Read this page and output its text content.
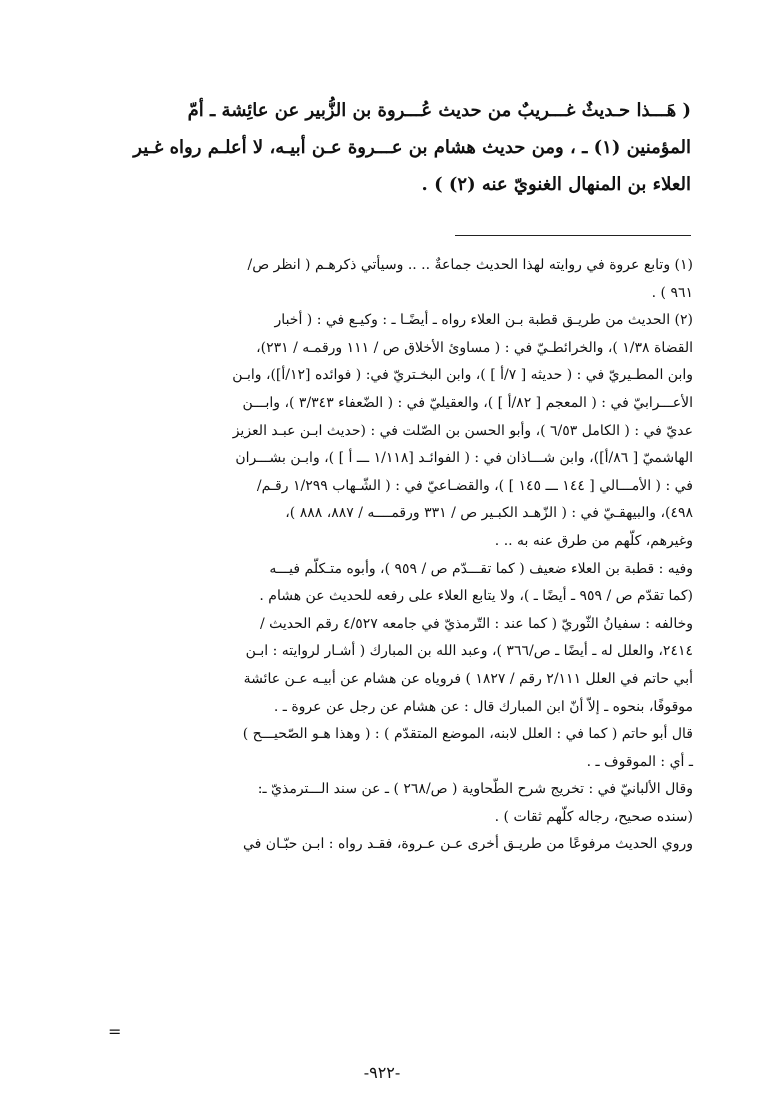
( هَـــذا حـديثٌ غـــريبٌ من حديث عُـــروة بن الزُّبير عن عائِشة ـ أمّ
المؤمنين (١) ـ ، ومن حديث هشام بن عـــروة عـن أبيـه، لا أعلـم رواه غـير
العلاء بن المنهال الغنويّ عنه (٢) ) .
(١) وتابع عروة في روايته لهذا الحديث جماعةٌ .. .. وسيأتي ذكرهـم ( انظر ص/
٩٦١ ) .
(٢) الحديث من طريـق قطبة بـن العلاء رواه ـ أيضًـا ـ : وكيـع في : ( أخبار
القضاة ١/٣٨ )، والخرائطـيّ في : ( مساوئ الأخلاق ص / ١١١ ورقمـه / ٢٣١)،
وابن المطـيريّ في : ( حديثه [ ٧/أ ] )، وابن البخـتريّ في: ( فوائده [١٢/أ])، وابـن
الأعـــرابيّ في : ( المعجم [ ٨٢/أ ] )، والعقيليّ في : ( الضّعفاء ٣/٣٤٣ )، وابـــن
عديّ في : ( الكامل ٦/٥٣ )، وأبو الحسن بن الصّلت في : (حديث ابـن عبـد العزيز
الهاشميّ [ ٨٦/أ])، وابن شـــاذان في : ( الفوائـد [١/١١٨ ـــ أ ] )، وابـن بشـــران
في : ( الأمـــالي [ ١٤٤ ـــ ١٤٥ ] )، والقضـاعيّ في : ( الشّـهاب ١/٢٩٩ رقـم/
٤٩٨)، والبيهقـيّ في : ( الزّهـد الكبـير ص / ٣٣١ ورقمــــه / ٨٨٧، ٨٨٨ )،
وغيرهم، كلّهم من طرق عنه به .. .
وفيه : قطبة بن العلاء ضعيف ( كما تقـــدّم ص / ٩٥٩ )، وأبوه متـكلّم فيـــه
(كما تقدّم ص / ٩٥٩ ـ أيضًا ـ )، ولا يتابع العلاء على رفعه للحديث عن هشام .
وخالفه : سفيانُ الثّوريّ ( كما عند : التّرمذيّ في جامعه ٤/٥٢٧ رقم الحديث /
٢٤١٤، والعلل له ـ أيضًا ـ ص/٣٦٦ )، وعبد الله بن المبارك ( أشـار لروايته : ابـن
أبي حاتم في العلل ٢/١١١ رقم / ١٨٢٧ ) فروياه عن هشام عن أبيـه عـن عائشة
موقوفًا، بنحوه ـ إلاّ أنّ ابن المبارك قال : عن هشام عن رجل عن عروة ـ .
قال أبو حاتم ( كما في : العلل لابنه، الموضع المتقدّم ) : ( وهذا هـو الصّحيـــح )
ـ أي : الموقوف ـ .
وقال الألبانيّ في : تخريج شرح الطّحاوية ( ص/٢٦٨ ) ـ عن سند الـــترمذيّ ـ:
(سنده صحيح، رجاله كلّهم ثقات ) .
وروي الحديث مرفوعًا من طريـق أخرى عـن عـروة، فقـد رواه : ابـن حبّـان في
=
-٩٢٢-
